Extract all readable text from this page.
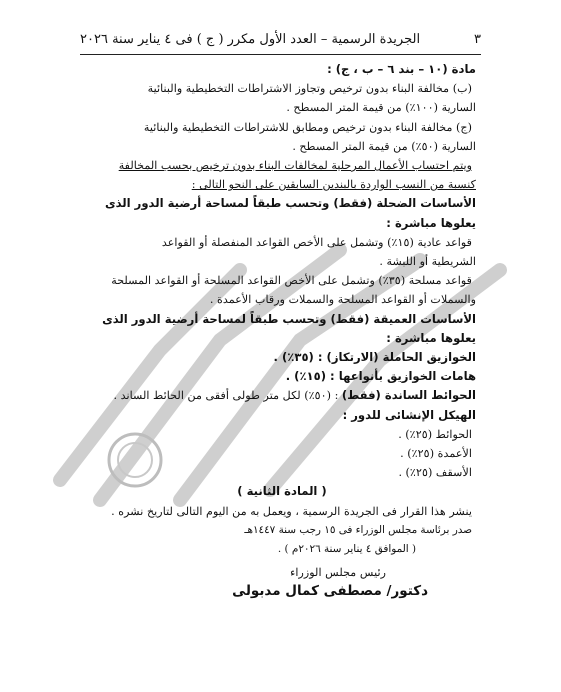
٣
الجريدة الرسمية – العدد الأول مكرر ( ج ) فى ٤ يناير سنة ٢٠٢٦

مادة (١٠ – بند ٦ – ب ، ج) :

(ب) مخالفة البناء بدون ترخيص وتجاوز الاشتراطات التخطيطية والبنائية

السارية (١٠٠٪) من قيمة المتر المسطح .

(ج) مخالفة البناء بدون ترخيص ومطابق للاشتراطات التخطيطية والبنائية

السارية (٥٠٪) من قيمة المتر المسطح .

ويتم احتساب الأعمال المرحلية لمخالفات البناء بدون ترخيص بحسب المخالفة

كنسبة من النسب الواردة بالبندين السابقين على النحو التالى :

الأساسات الضحلة (فقط) وتحسب طبقاً لمساحة أرضية الدور الذى يعلوها مباشرة :

قواعد عادية (١٥٪) وتشمل على الأخص القواعد المنفصلة أو القواعد

الشريطية أو اللبشة .

قواعد مسلحة (٣٥٪) وتشمل على الأخص القواعد المسلحة أو القواعد المسلحة

والسملات أو القواعد المسلحة والسملات ورقاب الأعمدة .

الأساسات العميقة (فقط) وتحسب طبقاً لمساحة أرضية الدور الذى يعلوها مباشرة :

الخوازيق الحاملة (الارتكاز) : (٣٥٪) .

هامات الخوازيق بأنواعها : (١٥٪) .

الحوائط الساندة (فقط) : (٥٠٪) لكل متر طولى أفقى من الحائط الساند .

الهيكل الإنشائى للدور :

الحوائط (٢٥٪) .

الأعمدة (٢٥٪) .

الأسقف (٢٥٪) .

( المادة الثانية )

ينشر هذا القرار فى الجريدة الرسمية ، ويعمل به من اليوم التالى لتاريخ نشره .

صدر برئاسة مجلس الوزراء فى ١٥ رجب سنة ١٤٤٧هـ

( الموافق ٤ يناير سنة ٢٠٢٦م ) .

رئيس مجلس الوزراء

دكتور/ مصطفى كمال مدبولى
